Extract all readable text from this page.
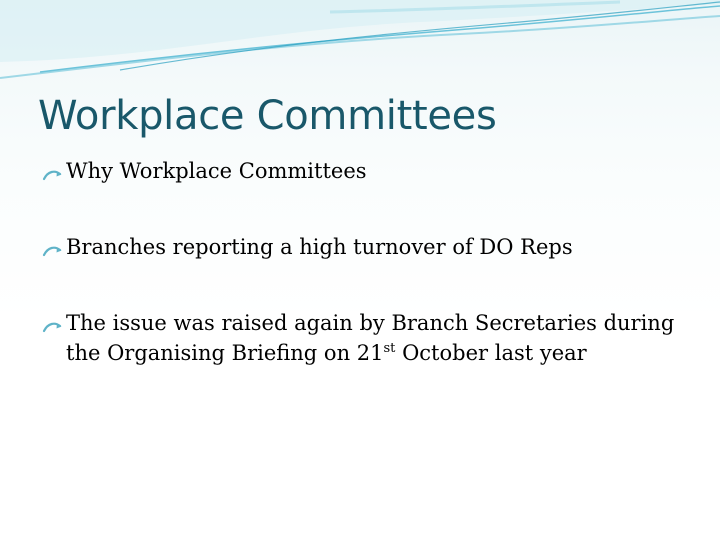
Workplace Committees
Why Workplace Committees
Branches reporting a high turnover of DO Reps
The issue was raised again by Branch Secretaries during the Organising Briefing on 21st October last year
